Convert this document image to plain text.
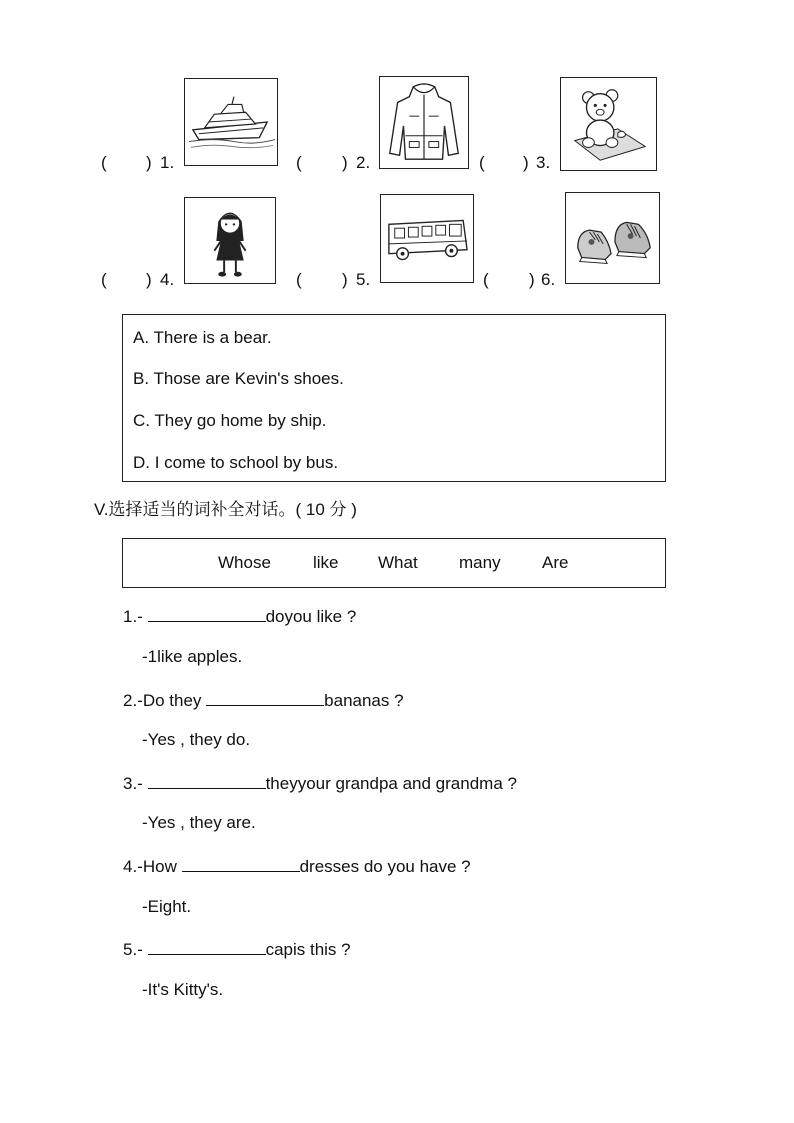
( ) 1.	( ) 2.	( ) 3.
( ) 4.	( ) 5.	( ) 6.
A. There is a bear.
B. Those are Kevin's shoes.
C. They go home by ship.
D. I come to school by bus.
V.选择适当的词补全对话。( 10 分 )
Whose like What many Are
1.-	doyou like ?
-1like apples.
2.-Do they	bananas ?
-Yes , they do.
3.-	theyyour grandpa and grandma ?
-Yes , they are.
4.-How	dresses do you have ?
-Eight.
5.-	capis this ?
-It's Kitty's.
